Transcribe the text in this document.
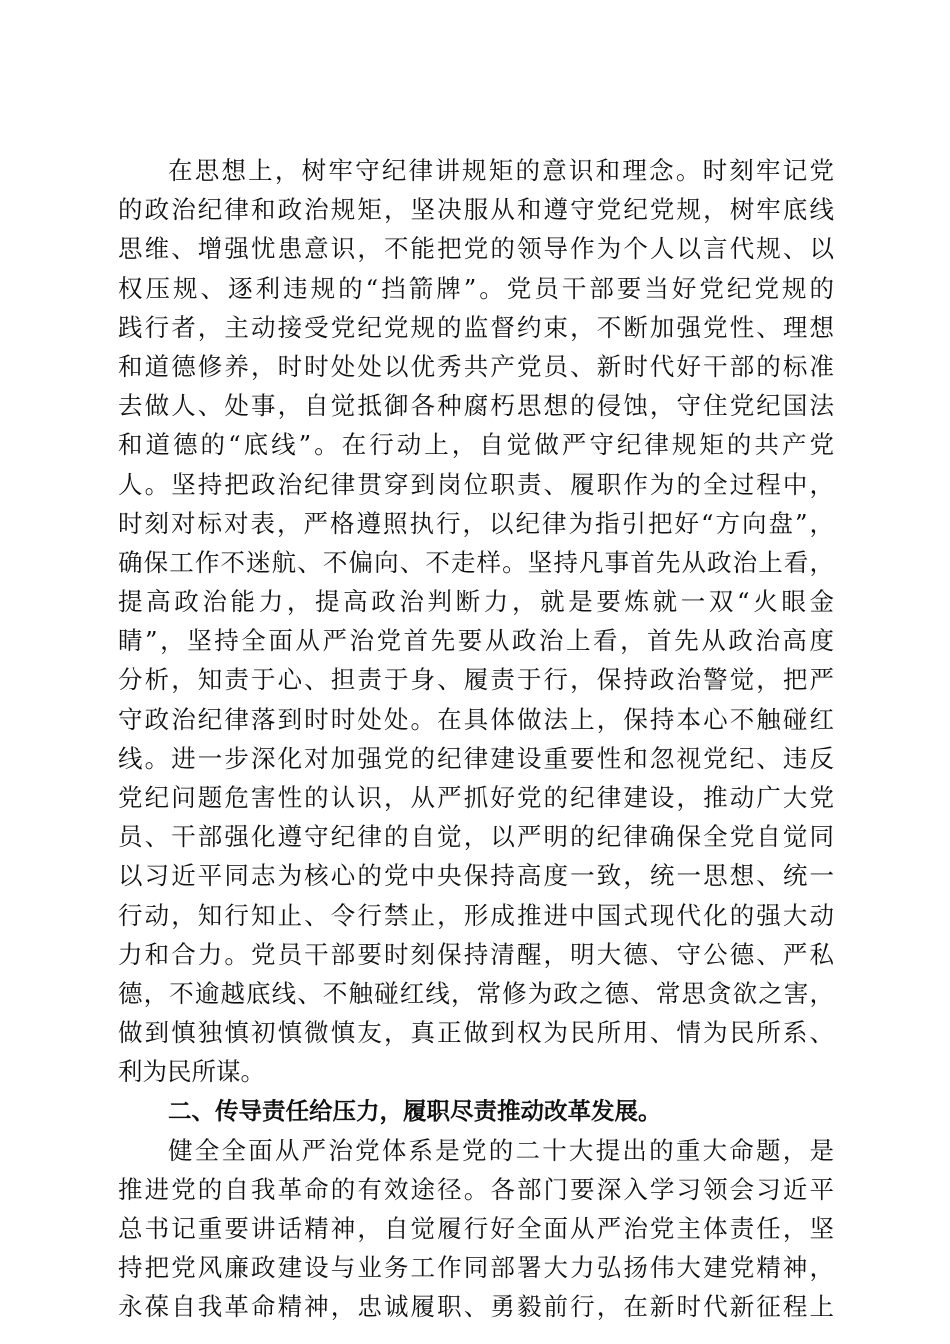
在思想上，树牢守纪律讲规矩的意识和理念。时刻牢记党
的政治纪律和政治规矩，坚决服从和遵守党纪党规，树牢底线
思维、增强忧患意识，不能把党的领导作为个人以言代规、以
权压规、逐利违规的“挡箭牌”。党员干部要当好党纪党规的
践行者，主动接受党纪党规的监督约束，不断加强党性、理想
和道德修养，时时处处以优秀共产党员、新时代好干部的标准
去做人、处事，自觉抵御各种腐朽思想的侵蚀，守住党纪国法
和道德的“底线”。在行动上，自觉做严守纪律规矩的共产党
人。坚持把政治纪律贯穿到岗位职责、履职作为的全过程中，
时刻对标对表，严格遵照执行，以纪律为指引把好“方向盘”，
确保工作不迷航、不偏向、不走样。坚持凡事首先从政治上看，
提高政治能力，提高政治判断力，就是要炼就一双“火眼金
睛”，坚持全面从严治党首先要从政治上看，首先从政治高度
分析，知责于心、担责于身、履责于行，保持政治警觉，把严
守政治纪律落到时时处处。在具体做法上，保持本心不触碰红
线。进一步深化对加强党的纪律建设重要性和忽视党纪、违反
党纪问题危害性的认识，从严抓好党的纪律建设，推动广大党
员、干部强化遵守纪律的自觉，以严明的纪律确保全党自觉同
以习近平同志为核心的党中央保持高度一致，统一思想、统一
行动，知行知止、令行禁止，形成推进中国式现代化的强大动
力和合力。党员干部要时刻保持清醒，明大德、守公德、严私
德，不逾越底线、不触碰红线，常修为政之德、常思贪欲之害，
做到慎独慎初慎微慎友，真正做到权为民所用、情为民所系、
利为民所谋。
二、传导责任给压力，履职尽责推动改革发展。
健全全面从严治党体系是党的二十大提出的重大命题，是
推进党的自我革命的有效途径。各部门要深入学习领会习近平
总书记重要讲话精神，自觉履行好全面从严治党主体责任，坚
持把党风廉政建设与业务工作同部署大力弘扬伟大建党精神，
永葆自我革命精神，忠诚履职、勇毅前行，在新时代新征程上
